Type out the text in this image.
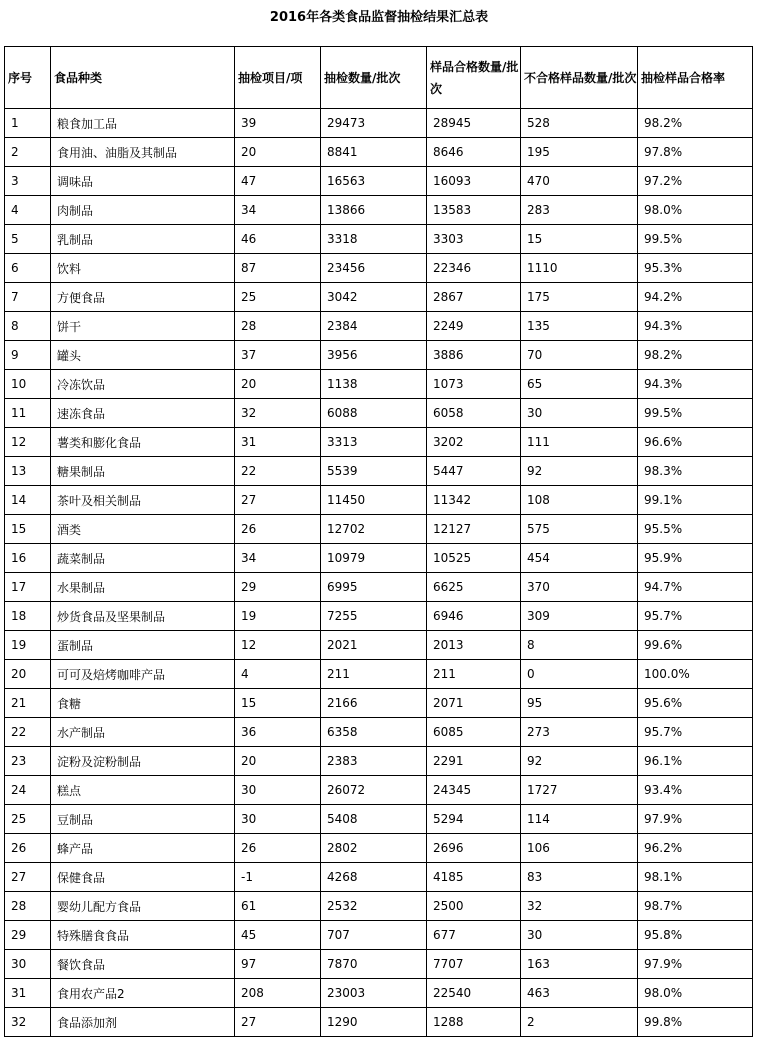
2016年各类食品监督抽检结果汇总表
序号	食品种类	抽检项目/项	抽检数量/批次	样品合格数量/批次	不合格样品数量/批次	抽检样品合格率
1	粮食加工品	39	29473	28945	528	98.2%
2	食用油、油脂及其制品	20	8841	8646	195	97.8%
3	调味品	47	16563	16093	470	97.2%
4	肉制品	34	13866	13583	283	98.0%
5	乳制品	46	3318	3303	15	99.5%
6	饮料	87	23456	22346	1110	95.3%
7	方便食品	25	3042	2867	175	94.2%
8	饼干	28	2384	2249	135	94.3%
9	罐头	37	3956	3886	70	98.2%
10	冷冻饮品	20	1138	1073	65	94.3%
11	速冻食品	32	6088	6058	30	99.5%
12	薯类和膨化食品	31	3313	3202	111	96.6%
13	糖果制品	22	5539	5447	92	98.3%
14	茶叶及相关制品	27	11450	11342	108	99.1%
15	酒类	26	12702	12127	575	95.5%
16	蔬菜制品	34	10979	10525	454	95.9%
17	水果制品	29	6995	6625	370	94.7%
18	炒货食品及坚果制品	19	7255	6946	309	95.7%
19	蛋制品	12	2021	2013	8	99.6%
20	可可及焙烤咖啡产品	4	211	211	0	100.0%
21	食糖	15	2166	2071	95	95.6%
22	水产制品	36	6358	6085	273	95.7%
23	淀粉及淀粉制品	20	2383	2291	92	96.1%
24	糕点	30	26072	24345	1727	93.4%
25	豆制品	30	5408	5294	114	97.9%
26	蜂产品	26	2802	2696	106	96.2%
27	保健食品	-1	4268	4185	83	98.1%
28	婴幼儿配方食品	61	2532	2500	32	98.7%
29	特殊膳食食品	45	707	677	30	95.8%
30	餐饮食品	97	7870	7707	163	97.9%
31	食用农产品2	208	23003	22540	463	98.0%
32	食品添加剂	27	1290	1288	2	99.8%
